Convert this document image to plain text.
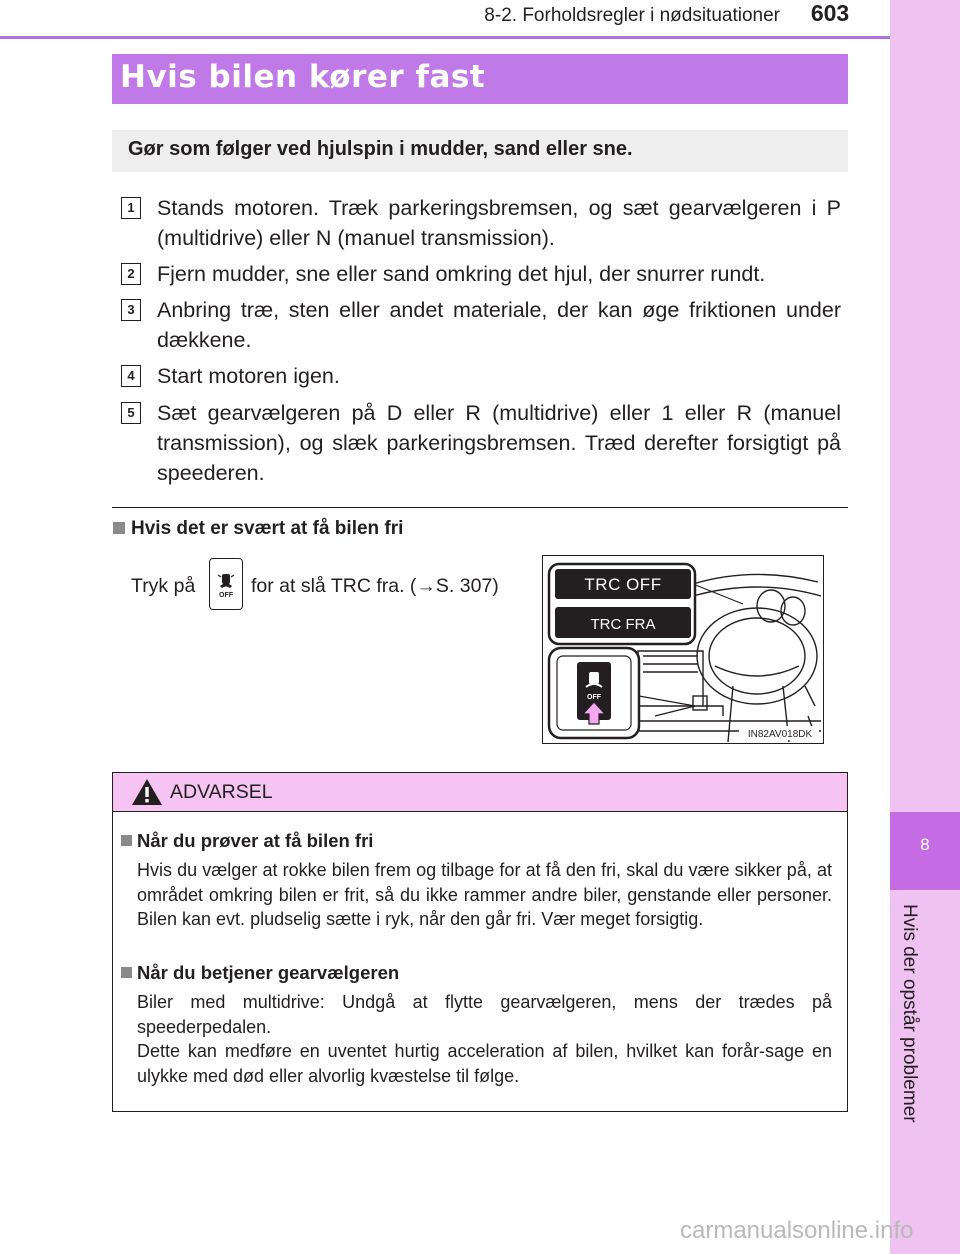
8-2. Forholdsregler i nødsituationer	603
8
Hvis der opstår problemer
Hvis bilen kører fast
Gør som følger ved hjulspin i mudder, sand eller sne.
1 Stands motoren. Træk parkeringsbremsen, og sæt gearvælgeren i P (multidrive) eller N (manuel transmission).
2 Fjern mudder, sne eller sand omkring det hjul, der snurrer rundt.
3 Anbring træ, sten eller andet materiale, der kan øge friktionen under dækkene.
4 Start motoren igen.
5 Sæt gearvælgeren på D eller R (multidrive) eller 1 eller R (manuel transmission), og slæk parkeringsbremsen. Træd derefter forsigtigt på speederen.
Hvis det er svært at få bilen fri
Tryk på	OFF for at slå TRC fra. (→S. 307)	TRC OFF
TRC FRA
OFF
IN82AV018DK
ADVARSEL
Når du prøver at få bilen fri
Hvis du vælger at rokke bilen frem og tilbage for at få den fri, skal du være sikker på, at området omkring bilen er frit, så du ikke rammer andre biler, genstande eller personer. Bilen kan evt. pludselig sætte i ryk, når den går fri. Vær meget forsigtig.
Når du betjener gearvælgeren
Biler med multidrive: Undgå at flytte gearvælgeren, mens der trædes på speederpedalen.
Dette kan medføre en uventet hurtig acceleration af bilen, hvilket kan forår-sage en ulykke med død eller alvorlig kvæstelse til følge.
carmanualsonline.info
